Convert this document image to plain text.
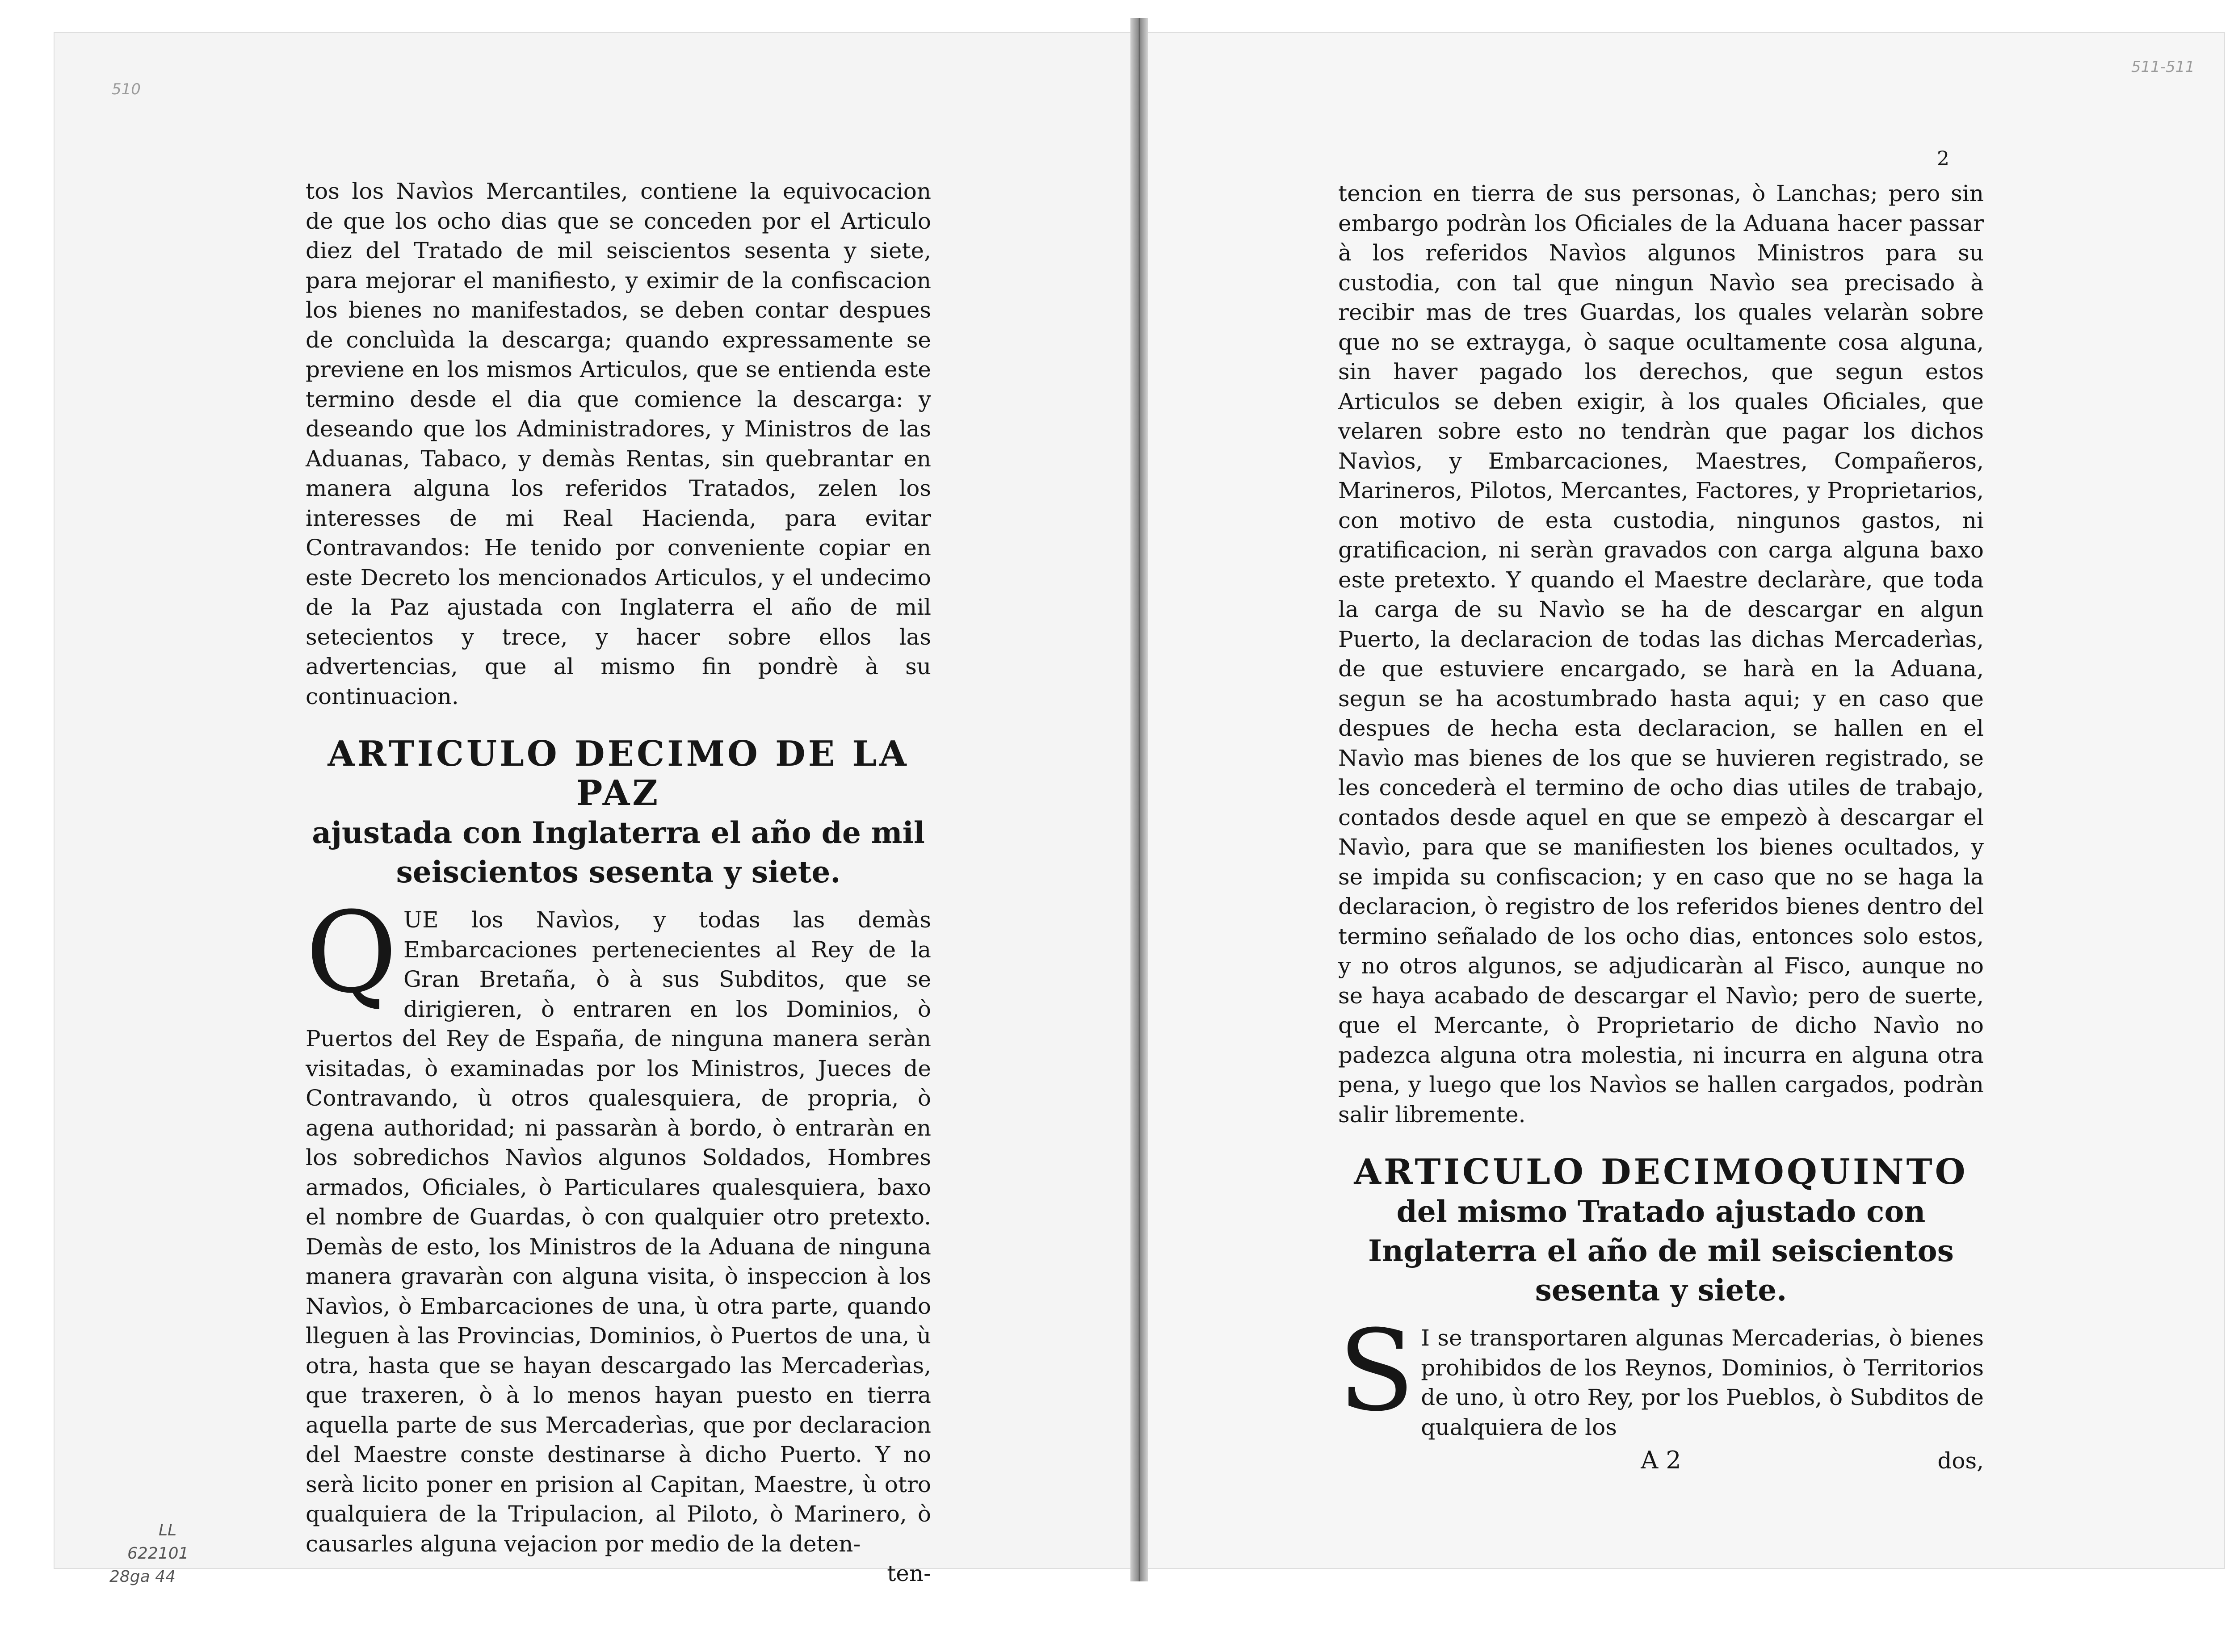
510
511-511
LL
622101
28ga 44

tos los Navìos Mercantiles, contiene la equivocacion de que los ocho dias que se conceden por el Articulo diez del Tratado de mil seiscientos sesenta y siete, para mejorar el manifiesto, y eximir de la confiscacion los bienes no manifestados, se deben contar despues de concluìda la descarga; quando expressamente se previene en los mismos Articulos, que se entienda este termino desde el dia que comience la descarga: y deseando que los Administradores, y Ministros de las Aduanas, Tabaco, y demàs Rentas, sin quebrantar en manera alguna los referidos Tratados, zelen los interesses de mi Real Hacienda, para evitar Contravandos: He tenido por conveniente copiar en este Decreto los mencionados Articulos, y el undecimo de la Paz ajustada con Inglaterra el año de mil setecientos y trece, y hacer sobre ellos las advertencias, que al mismo fin pondrè à su continuacion.

ARTICULO DECIMO DE LA PAZ
ajustada con Inglaterra el año de mil seiscientos sesenta y siete.

QUE los Navìos, y todas las demàs Embarcaciones pertenecientes al Rey de la Gran Bretaña, ò à sus Subditos, que se dirigieren, ò entraren en los Dominios, ò Puertos del Rey de España, de ninguna manera seràn visitadas, ò examinadas por los Ministros, Jueces de Contravando, ù otros qualesquiera, de propria, ò agena authoridad; ni passaràn à bordo, ò entraràn en los sobredichos Navìos algunos Soldados, Hombres armados, Oficiales, ò Particulares qualesquiera, baxo el nombre de Guardas, ò con qualquier otro pretexto. Demàs de esto, los Ministros de la Aduana de ninguna manera gravaràn con alguna visita, ò inspeccion à los Navìos, ò Embarcaciones de una, ù otra parte, quando lleguen à las Provincias, Dominios, ò Puertos de una, ù otra, hasta que se hayan descargado las Mercaderìas, que traxeren, ò à lo menos hayan puesto en tierra aquella parte de sus Mercaderìas, que por declaracion del Maestre conste destinarse à dicho Puerto. Y no serà licito poner en prision al Capitan, Maestre, ù otro qualquiera de la Tripulacion, al Piloto, ò Marinero, ò causarles alguna vejacion por medio de la deten-

ten-

2

tencion en tierra de sus personas, ò Lanchas; pero sin embargo podràn los Oficiales de la Aduana hacer passar à los referidos Navìos algunos Ministros para su custodia, con tal que ningun Navìo sea precisado à recibir mas de tres Guardas, los quales velaràn sobre que no se extrayga, ò saque ocultamente cosa alguna, sin haver pagado los derechos, que segun estos Articulos se deben exigir, à los quales Oficiales, que velaren sobre esto no tendràn que pagar los dichos Navìos, y Embarcaciones, Maestres, Compañeros, Marineros, Pilotos, Mercantes, Factores, y Proprietarios, con motivo de esta custodia, ningunos gastos, ni gratificacion, ni seràn gravados con carga alguna baxo este pretexto. Y quando el Maestre declaràre, que toda la carga de su Navìo se ha de descargar en algun Puerto, la declaracion de todas las dichas Mercaderìas, de que estuviere encargado, se harà en la Aduana, segun se ha acostumbrado hasta aqui; y en caso que despues de hecha esta declaracion, se hallen en el Navìo mas bienes de los que se huvieren registrado, se les concederà el termino de ocho dias utiles de trabajo, contados desde aquel en que se empezò à descargar el Navìo, para que se manifiesten los bienes ocultados, y se impida su confiscacion; y en caso que no se haga la declaracion, ò registro de los referidos bienes dentro del termino señalado de los ocho dias, entonces solo estos, y no otros algunos, se adjudicaràn al Fisco, aunque no se haya acabado de descargar el Navìo; pero de suerte, que el Mercante, ò Proprietario de dicho Navìo no padezca alguna otra molestia, ni incurra en alguna otra pena, y luego que los Navìos se hallen cargados, podràn salir libremente.

ARTICULO DECIMOQUINTO
del mismo Tratado ajustado con Inglaterra el año de mil seiscientos sesenta y siete.

S I se transportaren algunas Mercaderias, ò bienes prohibidos de los Reynos, Dominios, ò Territorios de uno, ù otro Rey, por los Pueblos, ò Subditos de qualquiera de los

A 2	dos,
